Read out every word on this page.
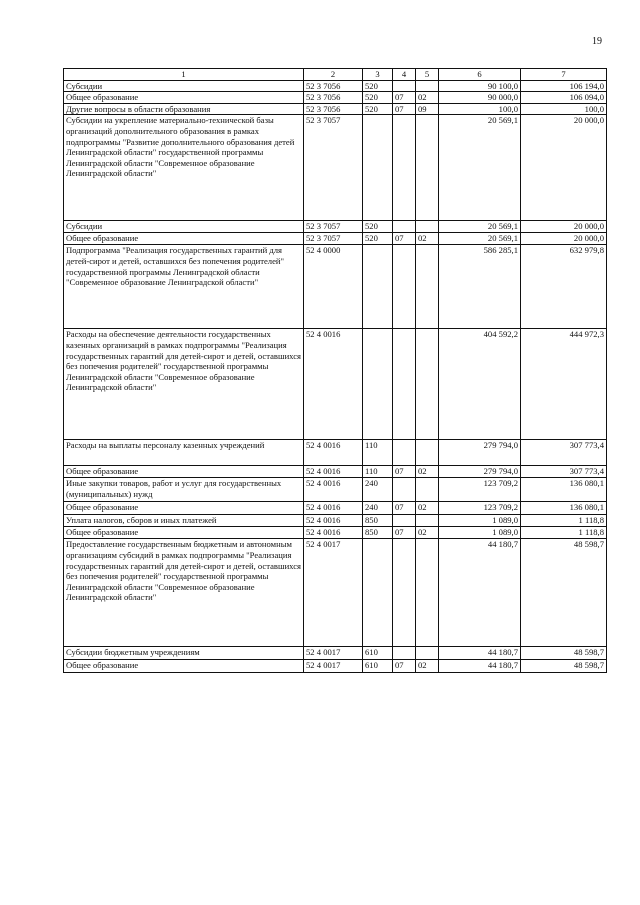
19
1	2	3	4	5	6	7
Субсидии	52 3 7056	520			90 100,0	106 194,0
Общее образование	52 3 7056	520	07	02	90 000,0	106 094,0
Другие вопросы в области образования	52 3 7056	520	07	09	100,0	100,0
Субсидии на укрепление материально-технической базы организаций дополнительного образования в рамках подпрограммы "Развитие дополнительного образования детей Ленинградской области" государственной программы Ленинградской области "Современное образование Ленинградской области"	52 3 7057				20 569,1	20 000,0
Субсидии	52 3 7057	520			20 569,1	20 000,0
Общее образование	52 3 7057	520	07	02	20 569,1	20 000,0
Подпрограмма "Реализация государственных гарантий для детей-сирот и детей, оставшихся без попечения родителей" государственной программы Ленинградской области "Современное образование Ленинградской области"	52 4 0000				586 285,1	632 979,8
Расходы на обеспечение деятельности государственных казенных организаций в рамках подпрограммы "Реализация государственных гарантий для детей-сирот и детей, оставшихся без попечения родителей" государственной программы Ленинградской области "Современное образование Ленинградской области"	52 4 0016				404 592,2	444 972,3
Расходы на выплаты персоналу казенных учреждений	52 4 0016	110			279 794,0	307 773,4
Общее образование	52 4 0016	110	07	02	279 794,0	307 773,4
Иные закупки товаров, работ и услуг для государственных (муниципальных) нужд	52 4 0016	240			123 709,2	136 080,1
Общее образование	52 4 0016	240	07	02	123 709,2	136 080,1
Уплата налогов, сборов и иных платежей	52 4 0016	850			1 089,0	1 118,8
Общее образование	52 4 0016	850	07	02	1 089,0	1 118,8
Предоставление государственным бюджетным и автономным организациям субсидий в рамках подпрограммы "Реализация государственных гарантий для детей-сирот и детей, оставшихся без попечения родителей" государственной программы Ленинградской области "Современное образование Ленинградской области"	52 4 0017				44 180,7	48 598,7
Субсидии бюджетным учреждениям	52 4 0017	610			44 180,7	48 598,7
Общее образование	52 4 0017	610	07	02	44 180,7	48 598,7
